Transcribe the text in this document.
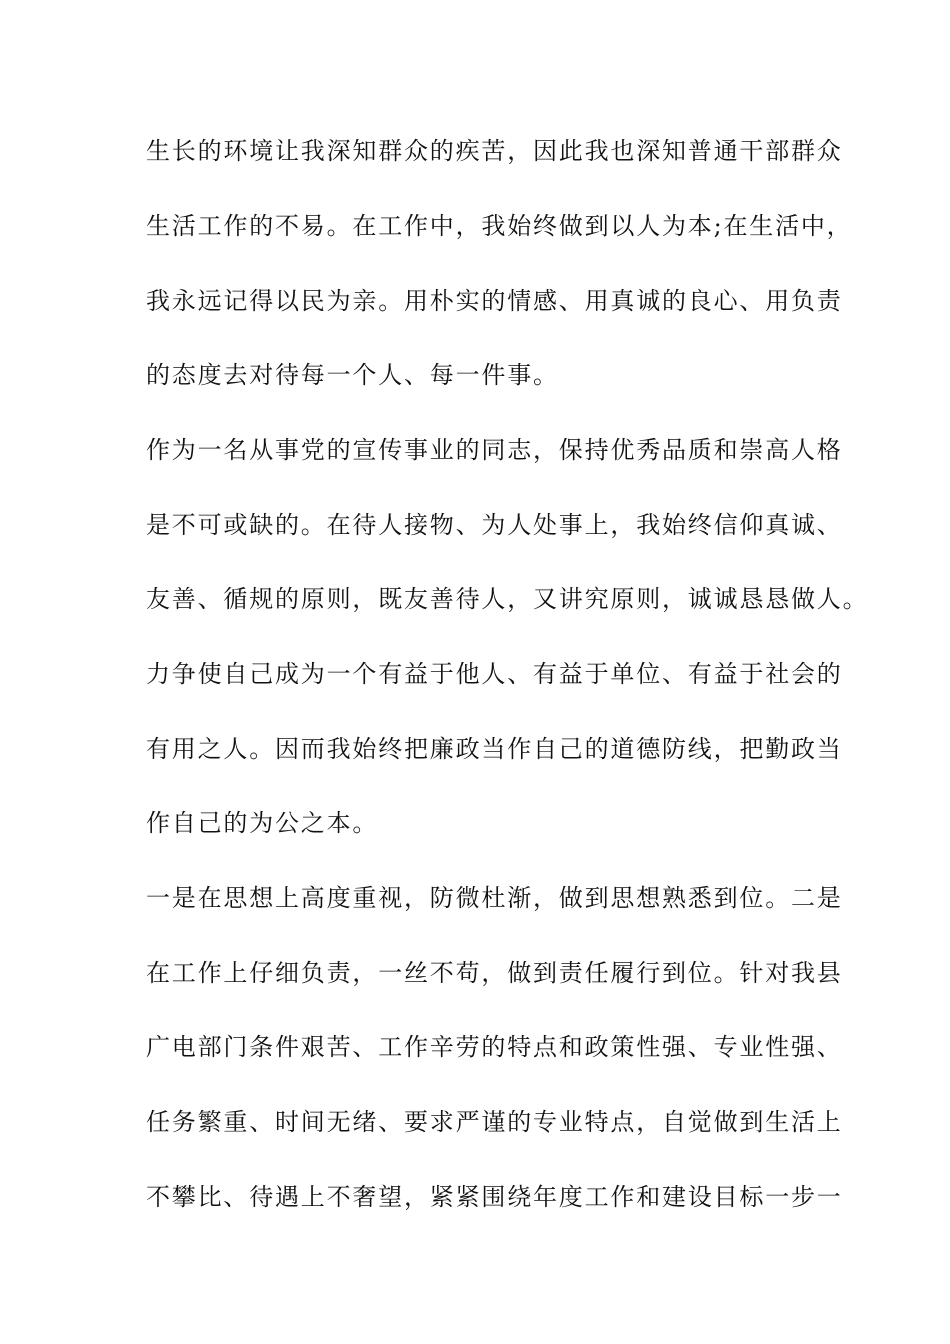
生长的环境让我深知群众的疾苦，因此我也深知普通干部群众
生活工作的不易。在工作中，我始终做到以人为本;在生活中，
我永远记得以民为亲。用朴实的情感、用真诚的良心、用负责
的态度去对待每一个人、每一件事。
作为一名从事党的宣传事业的同志，保持优秀品质和崇高人格
是不可或缺的。在待人接物、为人处事上，我始终信仰真诚、
友善、循规的原则，既友善待人，又讲究原则，诚诚恳恳做人。
力争使自己成为一个有益于他人、有益于单位、有益于社会的
有用之人。因而我始终把廉政当作自己的道德防线，把勤政当
作自己的为公之本。
一是在思想上高度重视，防微杜渐，做到思想熟悉到位。二是
在工作上仔细负责，一丝不苟，做到责任履行到位。针对我县
广电部门条件艰苦、工作辛劳的特点和政策性强、专业性强、
任务繁重、时间无绪、要求严谨的专业特点，自觉做到生活上
不攀比、待遇上不奢望，紧紧围绕年度工作和建设目标一步一
